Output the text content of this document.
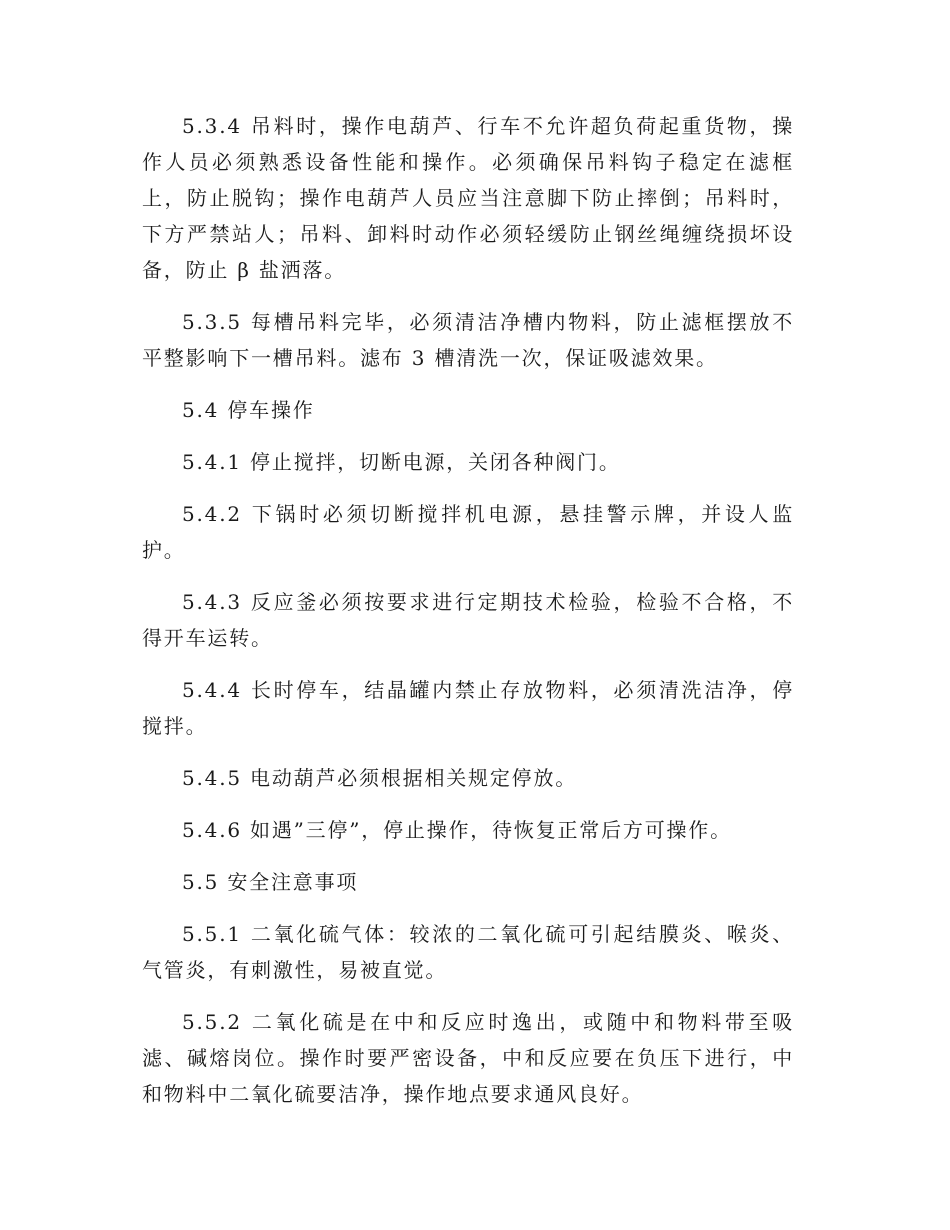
5.3.4 吊料时，操作电葫芦、行车不允许超负荷起重货物，操作人员必须熟悉设备性能和操作。必须确保吊料钩子稳定在滤框上，防止脱钩；操作电葫芦人员应当注意脚下防止摔倒；吊料时，下方严禁站人；吊料、卸料时动作必须轻缓防止钢丝绳缠绕损坏设备，防止 β 盐洒落。

5.3.5 每槽吊料完毕，必须清洁净槽内物料，防止滤框摆放不平整影响下一槽吊料。滤布 3 槽清洗一次，保证吸滤效果。

5.4 停车操作

5.4.1 停止搅拌，切断电源，关闭各种阀门。

5.4.2 下锅时必须切断搅拌机电源，悬挂警示牌，并设人监护。

5.4.3 反应釜必须按要求进行定期技术检验，检验不合格，不得开车运转。

5.4.4 长时停车，结晶罐内禁止存放物料，必须清洗洁净，停搅拌。

5.4.5 电动葫芦必须根据相关规定停放。

5.4.6 如遇”三停”，停止操作，待恢复正常后方可操作。

5.5 安全注意事项

5.5.1 二氧化硫气体：较浓的二氧化硫可引起结膜炎、喉炎、气管炎，有刺激性，易被直觉。

5.5.2 二氧化硫是在中和反应时逸出，或随中和物料带至吸滤、碱熔岗位。操作时要严密设备，中和反应要在负压下进行，中和物料中二氧化硫要洁净，操作地点要求通风良好。
